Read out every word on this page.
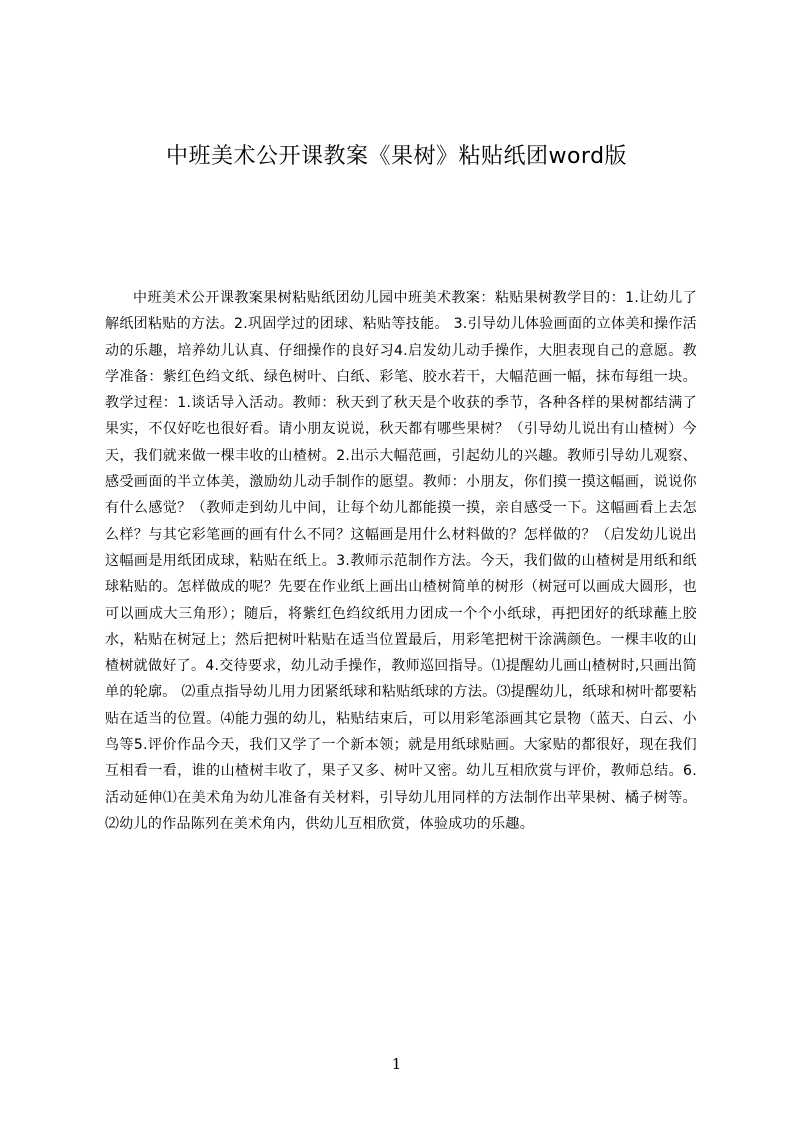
中班美术公开课教案《果树》粘贴纸团word版

中班美术公开课教案果树粘贴纸团幼儿园中班美术教案：粘贴果树教学目的：1.让幼儿了解纸团粘贴的方法。2.巩固学过的团球、粘贴等技能。 3.引导幼儿体验画面的立体美和操作活动的乐趣，培养幼儿认真、仔细操作的良好习4.启发幼儿动手操作，大胆表现自己的意愿。教学准备：紫红色绉文纸、绿色树叶、白纸、彩笔、胶水若干，大幅范画一幅，抹布每组一块。教学过程：1.谈话导入活动。教师：秋天到了秋天是个收获的季节，各种各样的果树都结满了果实，不仅好吃也很好看。请小朋友说说，秋天都有哪些果树？（引导幼儿说出有山楂树）今天，我们就来做一棵丰收的山楂树。2.出示大幅范画，引起幼儿的兴趣。教师引导幼儿观察、感受画面的半立体美，激励幼儿动手制作的愿望。教师：小朋友，你们摸一摸这幅画，说说你有什么感觉？（教师走到幼儿中间，让每个幼儿都能摸一摸，亲自感受一下。这幅画看上去怎么样？与其它彩笔画的画有什么不同？这幅画是用什么材料做的？怎样做的？（启发幼儿说出这幅画是用纸团成球，粘贴在纸上。3.教师示范制作方法。今天，我们做的山楂树是用纸和纸球粘贴的。怎样做成的呢？先要在作业纸上画出山楂树简单的树形（树冠可以画成大圆形，也可以画成大三角形）；随后，将紫红色绉纹纸用力团成一个个小纸球，再把团好的纸球蘸上胶水，粘贴在树冠上；然后把树叶粘贴在适当位置最后，用彩笔把树干涂满颜色。一棵丰收的山楂树就做好了。4.交待要求，幼儿动手操作，教师巡回指导。⑴提醒幼儿画山楂树时,只画出简单的轮廓。 ⑵重点指导幼儿用力团紧纸球和粘贴纸球的方法。⑶提醒幼儿，纸球和树叶都要粘贴在适当的位置。⑷能力强的幼儿，粘贴结束后，可以用彩笔添画其它景物（蓝天、白云、小鸟等5.评价作品今天，我们又学了一个新本领；就是用纸球贴画。大家贴的都很好，现在我们互相看一看，谁的山楂树丰收了，果子又多、树叶又密。幼儿互相欣赏与评价，教师总结。6.活动延伸⑴在美术角为幼儿准备有关材料，引导幼儿用同样的方法制作出苹果树、橘子树等。⑵幼儿的作品陈列在美术角内，供幼儿互相欣赏，体验成功的乐趣。

1
